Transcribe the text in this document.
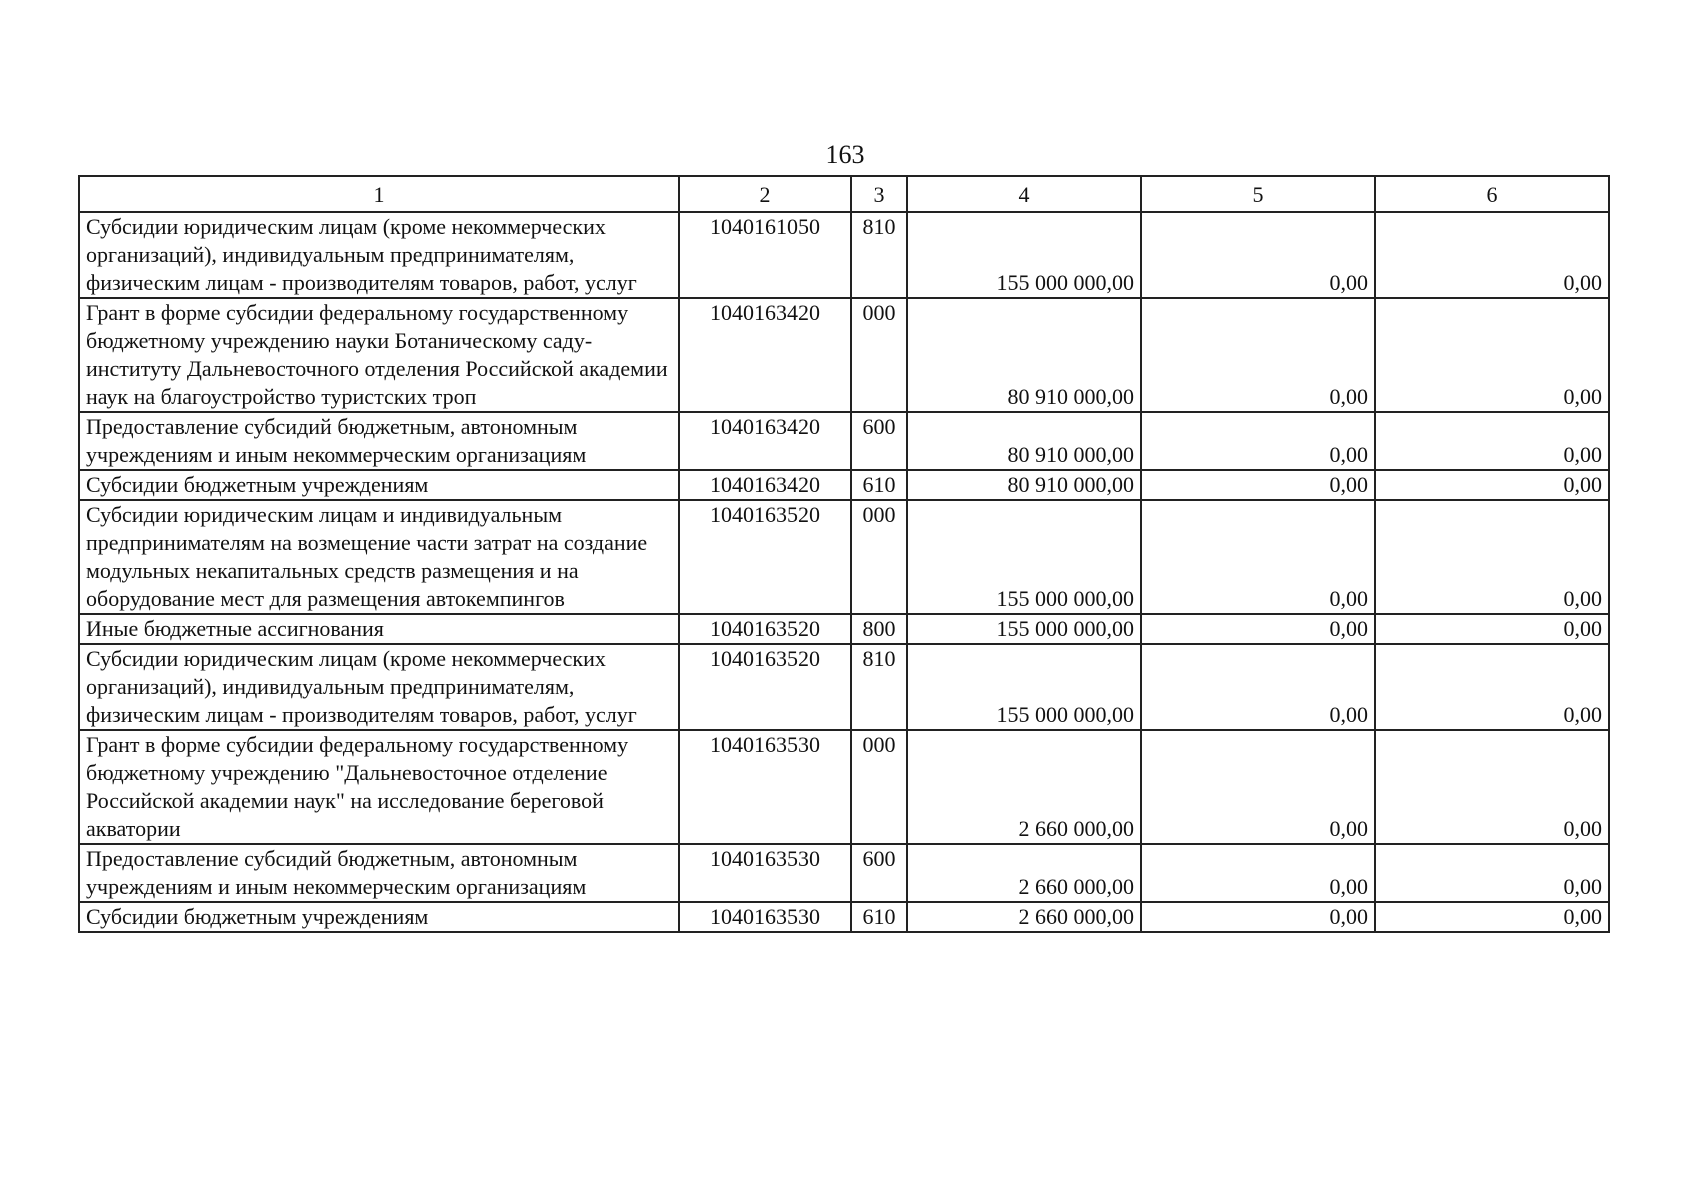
163
1	2	3	4	5	6
Субсидии юридическим лицам (кроме некоммерческих организаций), индивидуальным предпринимателям, физическим лицам - производителям товаров, работ, услуг	1040161050	810	155 000 000,00	0,00	0,00
Грант в форме субсидии федеральному государственному бюджетному учреждению науки Ботаническому саду-институту Дальневосточного отделения Российской академии наук на благоустройство туристских троп	1040163420	000	80 910 000,00	0,00	0,00
Предоставление субсидий бюджетным, автономным учреждениям и иным некоммерческим организациям	1040163420	600	80 910 000,00	0,00	0,00
Субсидии бюджетным учреждениям	1040163420	610	80 910 000,00	0,00	0,00
Субсидии юридическим лицам и индивидуальным предпринимателям на возмещение части затрат на создание модульных некапитальных средств размещения и на оборудование мест для размещения автокемпингов	1040163520	000	155 000 000,00	0,00	0,00
Иные бюджетные ассигнования	1040163520	800	155 000 000,00	0,00	0,00
Субсидии юридическим лицам (кроме некоммерческих организаций), индивидуальным предпринимателям, физическим лицам - производителям товаров, работ, услуг	1040163520	810	155 000 000,00	0,00	0,00
Грант в форме субсидии федеральному государственному бюджетному учреждению "Дальневосточное отделение Российской академии наук" на исследование береговой акватории	1040163530	000	2 660 000,00	0,00	0,00
Предоставление субсидий бюджетным, автономным учреждениям и иным некоммерческим организациям	1040163530	600	2 660 000,00	0,00	0,00
Субсидии бюджетным учреждениям	1040163530	610	2 660 000,00	0,00	0,00
